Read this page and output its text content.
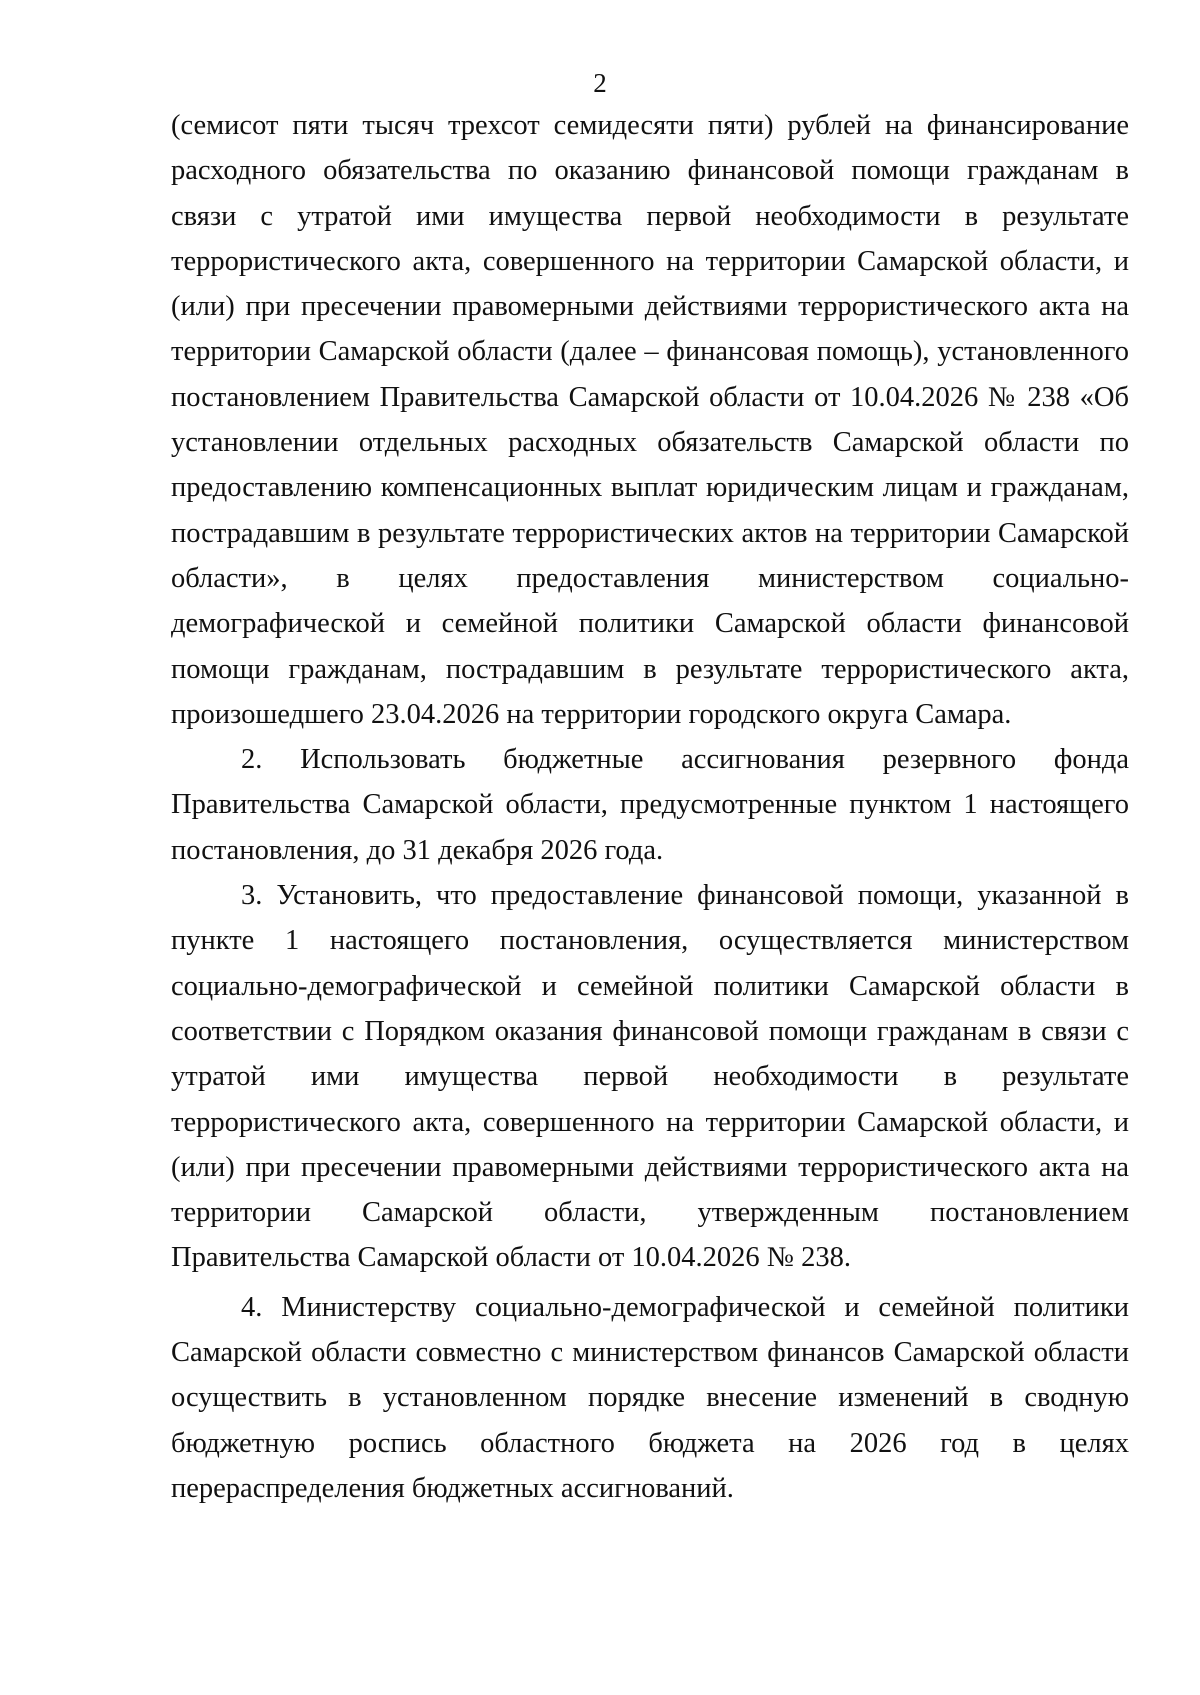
2

(семисот пяти тысяч трехсот семидесяти пяти) рублей на финансирование расходного обязательства по оказанию финансовой помощи гражданам в связи с утратой ими имущества первой необходимости в результате террористического акта, совершенного на территории Самарской области, и (или) при пресечении правомерными действиями террористического акта на территории Самарской области (далее – финансовая помощь), установленного постановлением Правительства Самарской области от 10.04.2026 № 238 «Об установлении отдельных расходных обязательств Самарской области по предоставлению компенсационных выплат юридическим лицам и гражданам, пострадавшим в результате террористических актов на территории Самарской области», в целях предоставления министерством социально-демографической и семейной политики Самарской области финансовой помощи гражданам, пострадавшим в результате террористического акта, произошедшего 23.04.2026 на территории городского округа Самара.

2. Использовать бюджетные ассигнования резервного фонда Правительства Самарской области, предусмотренные пунктом 1 настоящего постановления, до 31 декабря 2026 года.

3. Установить, что предоставление финансовой помощи, указанной в пункте 1 настоящего постановления, осуществляется министерством социально-демографической и семейной политики Самарской области в соответствии с Порядком оказания финансовой помощи гражданам в связи с утратой ими имущества первой необходимости в результате террористического акта, совершенного на территории Самарской области, и (или) при пресечении правомерными действиями террористического акта на территории Самарской области, утвержденным постановлением Правительства Самарской области от 10.04.2026 № 238.

4. Министерству социально-демографической и семейной политики Самарской области совместно с министерством финансов Самарской области осуществить в установленном порядке внесение изменений в сводную бюджетную роспись областного бюджета на 2026 год в целях перераспределения бюджетных ассигнований.
